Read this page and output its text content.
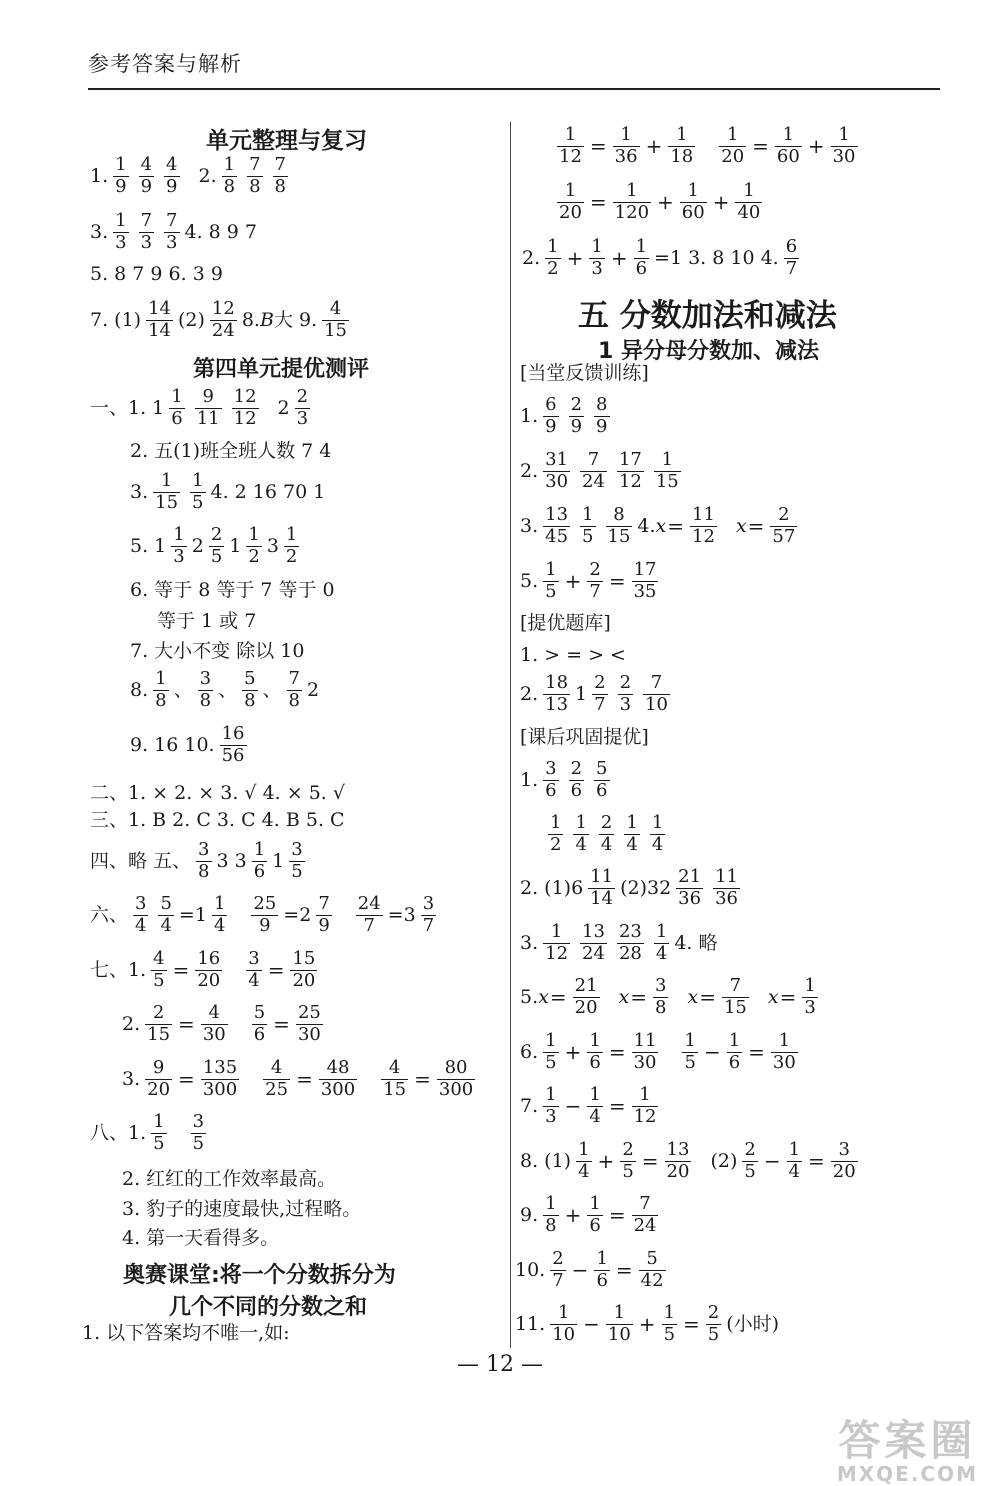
参考答案与解析
单元整理与复习
1. $\frac{1}{9} \frac{4}{9} \frac{4}{9} 2$. $\frac{1}{8} \frac{7}{8} \frac{7}{8}$
3. $\frac{1}{3} \frac{7}{3} \frac{7}{3} 4$. 8 9 7
5. 8 7 9 6. 3 9
7. $(1) \frac{14}{14} (2) \frac{12}{24} 8.B$大 9. $\frac{4}{15}$
第四单元提优测评
一、1. $1 \frac{1}{6} \frac{9}{11} \frac{12}{12} 2 \frac{2}{3}$
2. 五(1)班全班人数 7 4
3. $\frac{1}{15} \frac{1}{5} 4$. 2 16 70 1
5. $1 \frac{1}{3} 2 \frac{2}{5} 1 \frac{1}{2} 3 \frac{1}{2}$
6. 等于 8 等于 7 等于 0
等于 1 或 7
7. 大小不变 除以 10
8. $\frac{1}{8}$ 、 $\frac{3}{8}$ 、 $\frac{5}{8}$ 、 $\frac{7}{8} 2$
9. 16 10. $\frac{16}{56}$
二、1. × 2. × 3. √ 4. × 5. √
三、1. B 2. C 3. C 4. B 5. C
四、略 五、 $\frac{3}{8} 3$ $3 \frac{1}{6} 1 \frac{3}{5}$
六、 $\frac{3}{4} \frac{5}{4} =1 \frac{1}{4} \frac{25}{9} =2 \frac{7}{9} \frac{24}{7} =3 \frac{3}{7}$
七、1. $\frac{4}{5} = \frac{16}{20} \frac{3}{4} = \frac{15}{20}$
2. $\frac{2}{15} = \frac{4}{30} \frac{5}{6} = \frac{25}{30}$
3. $\frac{9}{20} = \frac{135}{300} \frac{4}{25} = \frac{48}{300} \frac{4}{15} = \frac{80}{300}$
八、1. $\frac{1}{5} \frac{3}{5}$
2. 红红的工作效率最高。
3. 豹子的速度最快,过程略。
4. 第一天看得多。
奥赛课堂:将一个分数拆分为
几个不同的分数之和
1. 以下答案均不唯一,如:
$\frac{1}{12} = \frac{1}{36} + \frac{1}{18} \frac{1}{20} = \frac{1}{60} + \frac{1}{30}$
$\frac{1}{20} = \frac{1}{120} + \frac{1}{60} + \frac{1}{40}$
2. $\frac{1}{2} + \frac{1}{3} + \frac{1}{6} =1$ 3. 8 10 4. $\frac{6}{7}$
五 分数加法和减法
1 异分母分数加、减法
[当堂反馈训练]
1. $\frac{6}{9} \frac{2}{9} \frac{8}{9}$
2. $\frac{31}{30} \frac{7}{24} \frac{17}{12} \frac{1}{15}$
3. $\frac{13}{45} \frac{1}{5} \frac{8}{15} 4.x= \frac{11}{12} x= \frac{2}{57}$
5. $\frac{1}{5} + \frac{2}{7} = \frac{17}{35}$
[提优题库]
1. > = > <
2. $\frac{18}{13} 1 \frac{2}{7} \frac{2}{3} \frac{7}{10}$
[课后巩固提优]
1. $\frac{3}{6} \frac{2}{6} \frac{5}{6}$
$\frac{1}{2} \frac{1}{4} \frac{2}{4} \frac{1}{4} \frac{1}{4}$
2. $(1)6 \frac{11}{14} (2)32 \frac{21}{36} \frac{11}{36}$
3. $\frac{1}{12} \frac{13}{24} \frac{23}{28} \frac{1}{4} 4$. 略
$5.x= \frac{21}{20} x= \frac{3}{8} x= \frac{7}{15} x= \frac{1}{3}$
6. $\frac{1}{5} + \frac{1}{6} = \frac{11}{30} \frac{1}{5} - \frac{1}{6} = \frac{1}{30}$
7. $\frac{1}{3} - \frac{1}{4} = \frac{1}{12}$
8. $(1) \frac{1}{4} + \frac{2}{5} = \frac{13}{20} (2) \frac{2}{5} - \frac{1}{4} = \frac{3}{20}$
9. $\frac{1}{8} + \frac{1}{6} = \frac{7}{24}$
10. $\frac{2}{7} - \frac{1}{6} = \frac{5}{42}$
11. $\frac{1}{10} - \frac{1}{10} + \frac{1}{5} = \frac{2}{5}$ (小时)
— 12 —
答案圈
MXQE.COM
